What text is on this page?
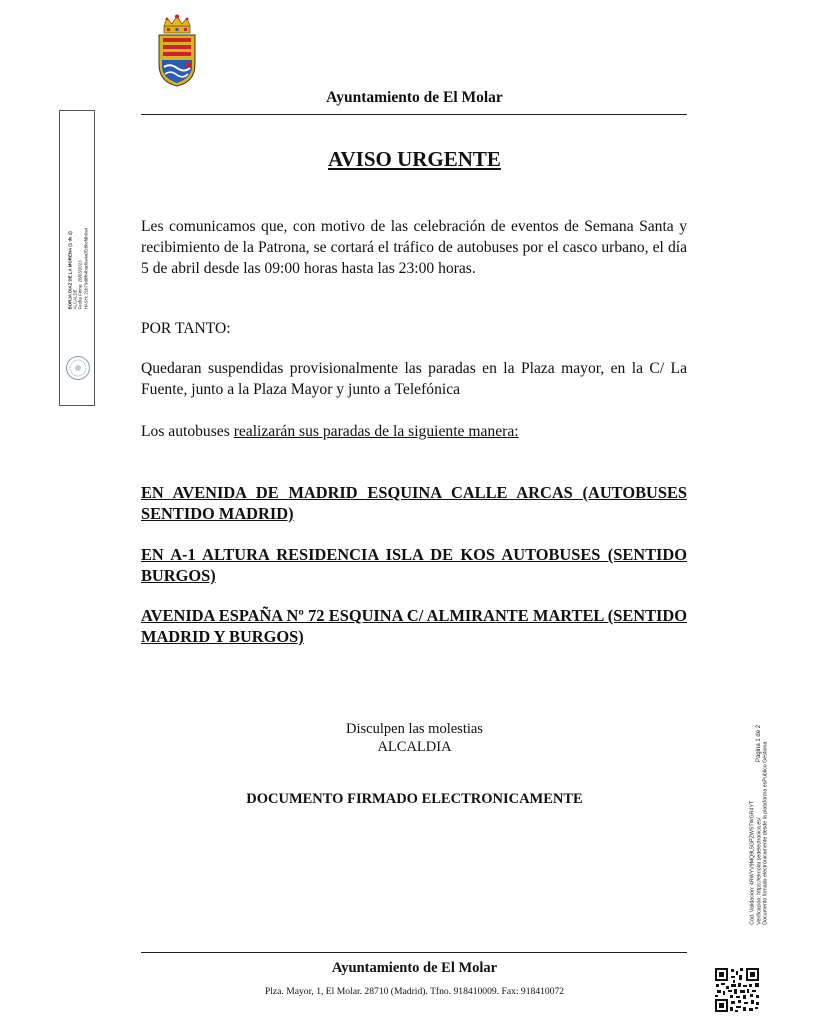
Ayuntamiento de El Molar
AVISO URGENTE
Les comunicamos que, con motivo de las celebración de eventos de Semana Santa y recibimiento de la Patrona, se cortará el tráfico de autobuses por el casco urbano, el día 5 de abril desde las 09:00 horas hasta las 23:00 horas.
POR TANTO:
Quedaran suspendidas provisionalmente las paradas en la Plaza mayor, en la C/ La Fuente, junto a la Plaza Mayor y junto a Telefónica
Los autobuses realizarán sus paradas de la siguiente manera:
EN AVENIDA DE MADRID ESQUINA CALLE ARCAS (AUTOBUSES SENTIDO MADRID)
EN A-1 ALTURA RESIDENCIA ISLA DE KOS AUTOBUSES (SENTIDO BURGOS)
AVENIDA ESPAÑA Nº 72 ESQUINA C/ ALMIRANTE MARTEL (SENTIDO MADRID Y BURGOS)
Disculpen las molestias
ALCALDIA
DOCUMENTO FIRMADO ELECTRONICAMENTE
Ayuntamiento de El Molar
Plza. Mayor, 1, El Molar. 28710 (Madrid). Tfno. 918410009. Fax: 918410072
BORJA DIAZ DE LA MORENA (1 de 1) ALCALDE Fecha Firma: 28/03/2023 HASH: 21b79d8fb4bad0a4a0f28bcfdb0a4
Cód. Validación: 4RWYV9MQ9L5GPZWSTWGR4YT Verificación: https://elmolar.sedelectronica.es/ Documento firmado electrónicamente desde la plataforma esPublico Gestiona
Página 1 de 2
